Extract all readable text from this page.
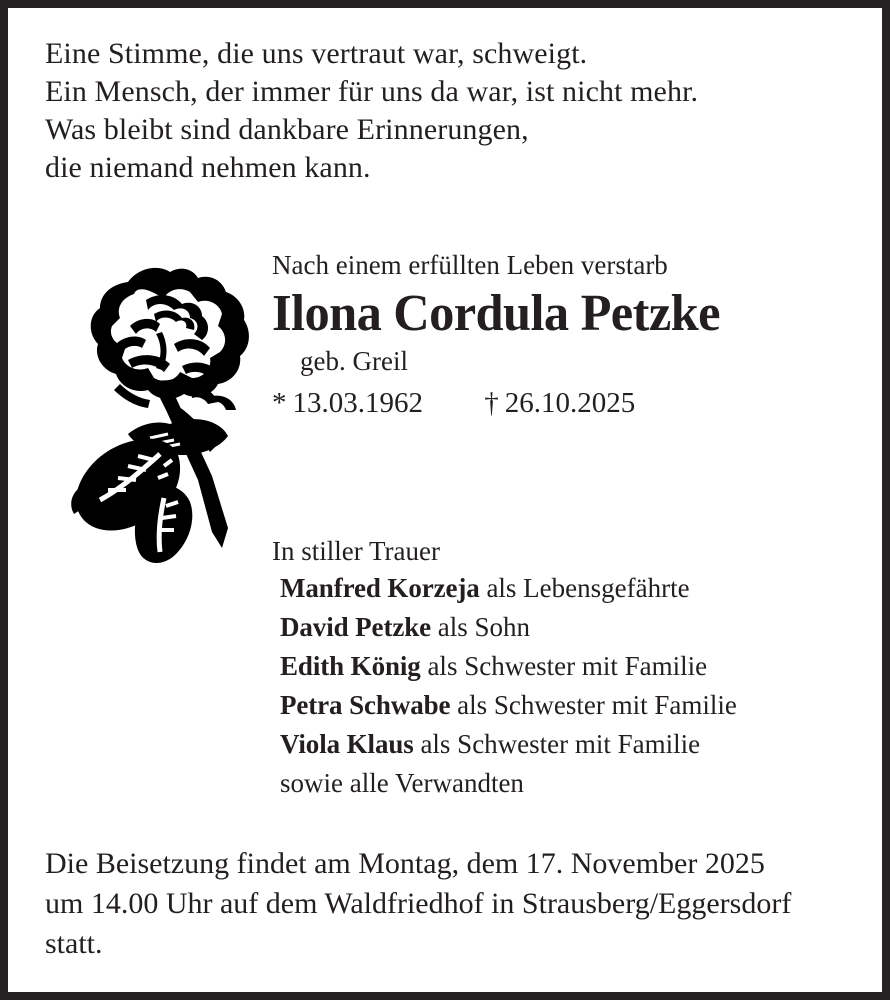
Eine Stimme, die uns vertraut war, schweigt.
Ein Mensch, der immer für uns da war, ist nicht mehr.
Was bleibt sind dankbare Erinnerungen,
die niemand nehmen kann.
Nach einem erfüllten Leben verstarb
Ilona Cordula Petzke
geb. Greil
* 13.03.1962 † 26.10.2025
In stiller Trauer
Manfred Korzeja als Lebensgefährte
David Petzke als Sohn
Edith König als Schwester mit Familie
Petra Schwabe als Schwester mit Familie
Viola Klaus als Schwester mit Familie
sowie alle Verwandten
Die Beisetzung findet am Montag, dem 17. November 2025
um 14.00 Uhr auf dem Waldfriedhof in Strausberg/Eggersdorf
statt.
